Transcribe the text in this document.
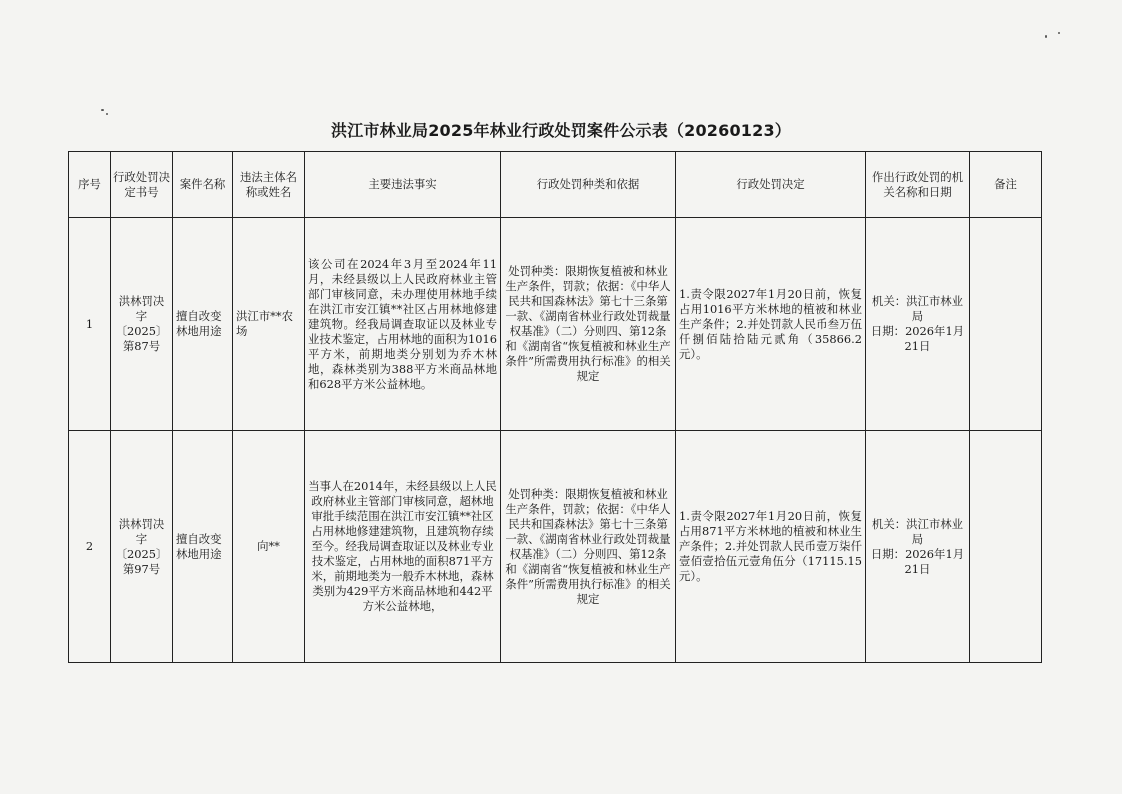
洪江市林业局2025年林业行政处罚案件公示表（20260123）
序号	行政处罚决定书号	案件名称	违法主体名称或姓名	主要违法事实	行政处罚种类和依据	行政处罚决定	作出行政处罚的机关名称和日期	备注
1	洪林罚决字〔2025〕第87号	擅自改变林地用途	洪江市**农场	该公司在2024年3月至2024年11月，未经县级以上人民政府林业主管部门审核同意，未办理使用林地手续在洪江市安江镇**社区占用林地修建建筑物。经我局调查取证以及林业专业技术鉴定，占用林地的面积为1016平方米，前期地类分别划为乔木林地，森林类别为388平方米商品林地和628平方米公益林地。	处罚种类：限期恢复植被和林业生产条件，罚款；依据：《中华人民共和国森林法》第七十三条第一款、《湖南省林业行政处罚裁量权基准》（二）分则四、第12条和《湖南省“恢复植被和林业生产条件”所需费用执行标准》的相关规定	1.责令限2027年1月20日前，恢复占用1016平方米林地的植被和林业生产条件；2.并处罚款人民币叁万伍仟捌佰陆拾陆元贰角（35866.2元）。	机关：洪江市林业局
日期：2026年1月21日	
2	洪林罚决字〔2025〕第97号	擅自改变林地用途	向**	当事人在2014年，未经县级以上人民政府林业主管部门审核同意，超林地审批手续范围在洪江市安江镇**社区占用林地修建建筑物，且建筑物存续至今。经我局调查取证以及林业专业技术鉴定，占用林地的面积871平方米，前期地类为一般乔木林地，森林类别为429平方米商品林地和442平方米公益林地，	处罚种类：限期恢复植被和林业生产条件，罚款；依据：《中华人民共和国森林法》第七十三条第一款、《湖南省林业行政处罚裁量权基准》（二）分则四、第12条和《湖南省“恢复植被和林业生产条件”所需费用执行标准》的相关规定	1.责令限2027年1月20日前，恢复占用871平方米林地的植被和林业生产条件；2.并处罚款人民币壹万柒仟壹佰壹拾伍元壹角伍分（17115.15元）。	机关：洪江市林业局
日期：2026年1月21日	
